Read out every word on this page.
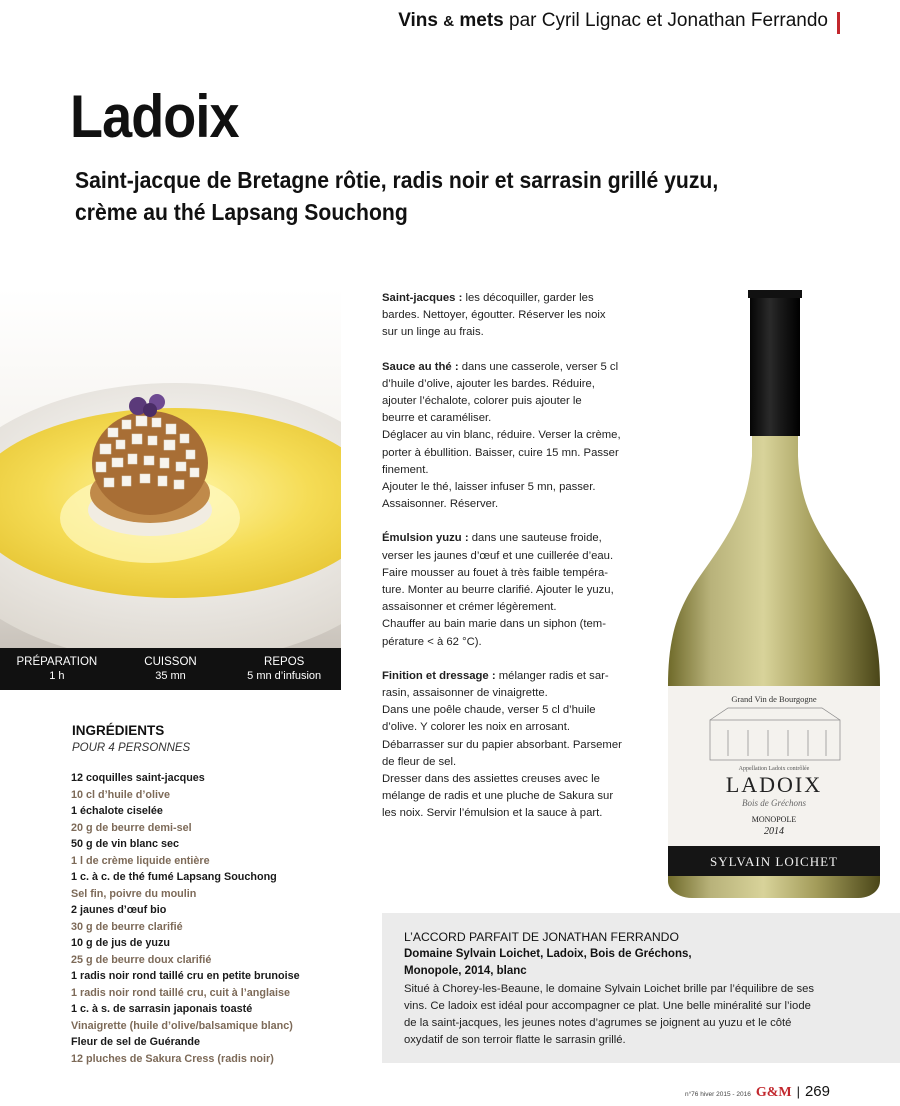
Vins & mets par Cyril Lignac et Jonathan Ferrando
Ladoix
Saint-jacque de Bretagne rôtie, radis noir et sarrasin grillé yuzu,
crème au thé Lapsang Souchong
PRÉPARATION
1 h
CUISSON
35 mn
REPOS
5 mn d’infusion
INGRÉDIENTS
POUR 4 PERSONNES
12 coquilles saint-jacques
10 cl d’huile d’olive
1 échalote ciselée
20 g de beurre demi-sel
50 g de vin blanc sec
1 l de crème liquide entière
1 c. à c. de thé fumé Lapsang Souchong
Sel fin, poivre du moulin
2 jaunes d’œuf bio
30 g de beurre clarifié
10 g de jus de yuzu
25 g de beurre doux clarifié
1 radis noir rond taillé cru en petite brunoise
1 radis noir rond taillé cru, cuit à l’anglaise
1 c. à s. de sarrasin japonais toasté
Vinaigrette (huile d’olive/balsamique blanc)
Fleur de sel de Guérande
12 pluches de Sakura Cress (radis noir)

Saint-jacques : les décoquiller, garder les
bardes. Nettoyer, égoutter. Réserver les noix
sur un linge au frais.

Sauce au thé : dans une casserole, verser 5 cl
d’huile d’olive, ajouter les bardes. Réduire,
ajouter l’échalote, colorer puis ajouter le
beurre et caraméliser.
Déglacer au vin blanc, réduire. Verser la crème,
porter à ébullition. Baisser, cuire 15 mn. Passer
finement.
Ajouter le thé, laisser infuser 5 mn, passer.
Assaisonner. Réserver.

Émulsion yuzu : dans une sauteuse froide,
verser les jaunes d’œuf et une cuillerée d’eau.
Faire mousser au fouet à très faible tempéra-
ture. Monter au beurre clarifié. Ajouter le yuzu,
assaisonner et crémer légèrement.
Chauffer au bain marie dans un siphon (tem-
pérature < à 62 °C).

Finition et dressage : mélanger radis et sar-
rasin, assaisonner de vinaigrette.
Dans une poêle chaude, verser 5 cl d’huile
d’olive. Y colorer les noix en arrosant.
Débarrasser sur du papier absorbant. Parsemer
de fleur de sel.
Dresser dans des assiettes creuses avec le
mélange de radis et une pluche de Sakura sur
les noix. Servir l’émulsion et la sauce à part.

Grand Vin de Bourgogne
Appellation Ladoix contrôlée
LADOIX
Bois de Gréchons
MONOPOLE
2014
SYLVAIN LOICHET
L’ACCORD PARFAIT DE JONATHAN FERRANDO
Domaine Sylvain Loichet, Ladoix, Bois de Gréchons,
Monopole, 2014, blanc
Situé à Chorey-les-Beaune, le domaine Sylvain Loichet brille par l’équilibre de ses
vins. Ce ladoix est idéal pour accompagner ce plat. Une belle minéralité sur l’iode
de la saint-jacques, les jeunes notes d’agrumes se joignent au yuzu et le côté
oxydatif de son terroir flatte le sarrasin grillé.
n°76 hiver 2015 - 2016 G&M | 269
